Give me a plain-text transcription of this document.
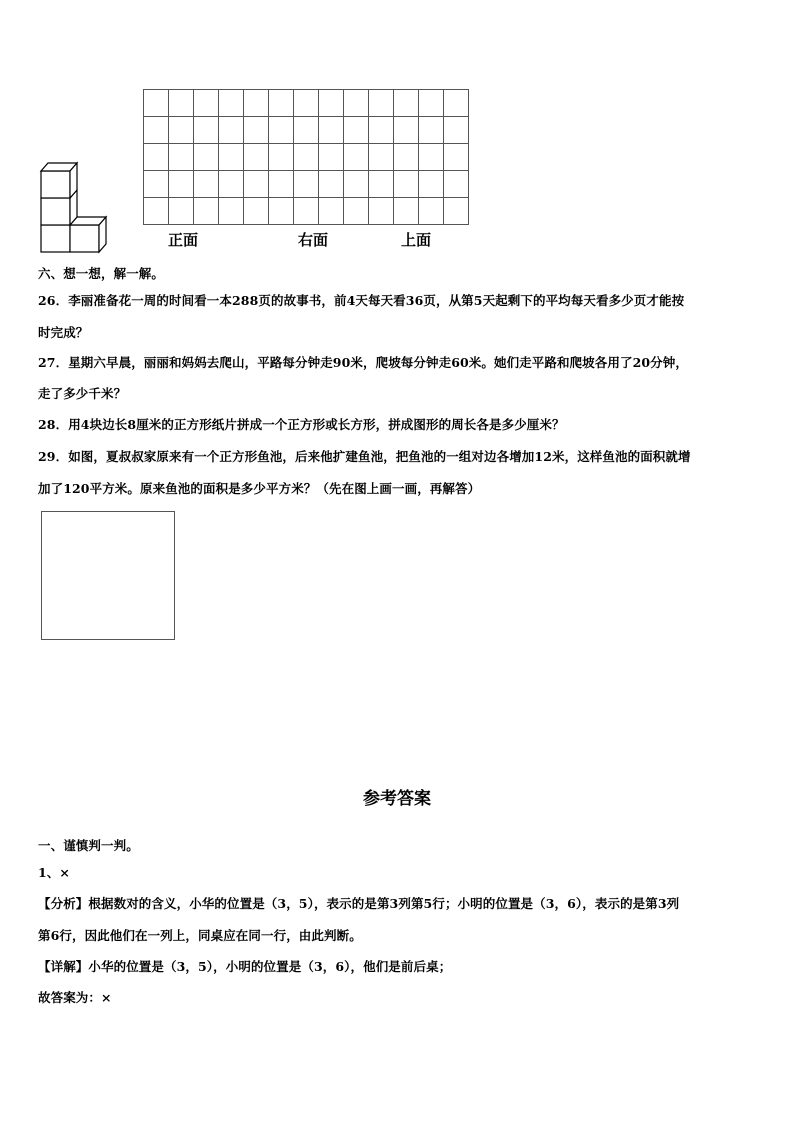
正面	右面	上面
六、想一想，解一解。
26．李丽准备花一周的时间看一本288页的故事书，前4天每天看36页，从第5天起剩下的平均每天看多少页才能按
时完成？
27．星期六早晨，丽丽和妈妈去爬山，平路每分钟走90米，爬坡每分钟走60米。她们走平路和爬坡各用了20分钟，
走了多少千米？
28．用4块边长8厘米的正方形纸片拼成一个正方形或长方形，拼成图形的周长各是多少厘米？
29．如图，夏叔叔家原来有一个正方形鱼池，后来他扩建鱼池，把鱼池的一组对边各增加12米，这样鱼池的面积就增
加了120平方米。原来鱼池的面积是多少平方米？（先在图上画一画，再解答）
参考答案
一、谨慎判一判。
1、×
【分析】根据数对的含义，小华的位置是（3，5），表示的是第3列第5行；小明的位置是（3，6），表示的是第3列
第6行，因此他们在一列上，同桌应在同一行，由此判断。
【详解】小华的位置是（3，5），小明的位置是（3，6），他们是前后桌；
故答案为：×
